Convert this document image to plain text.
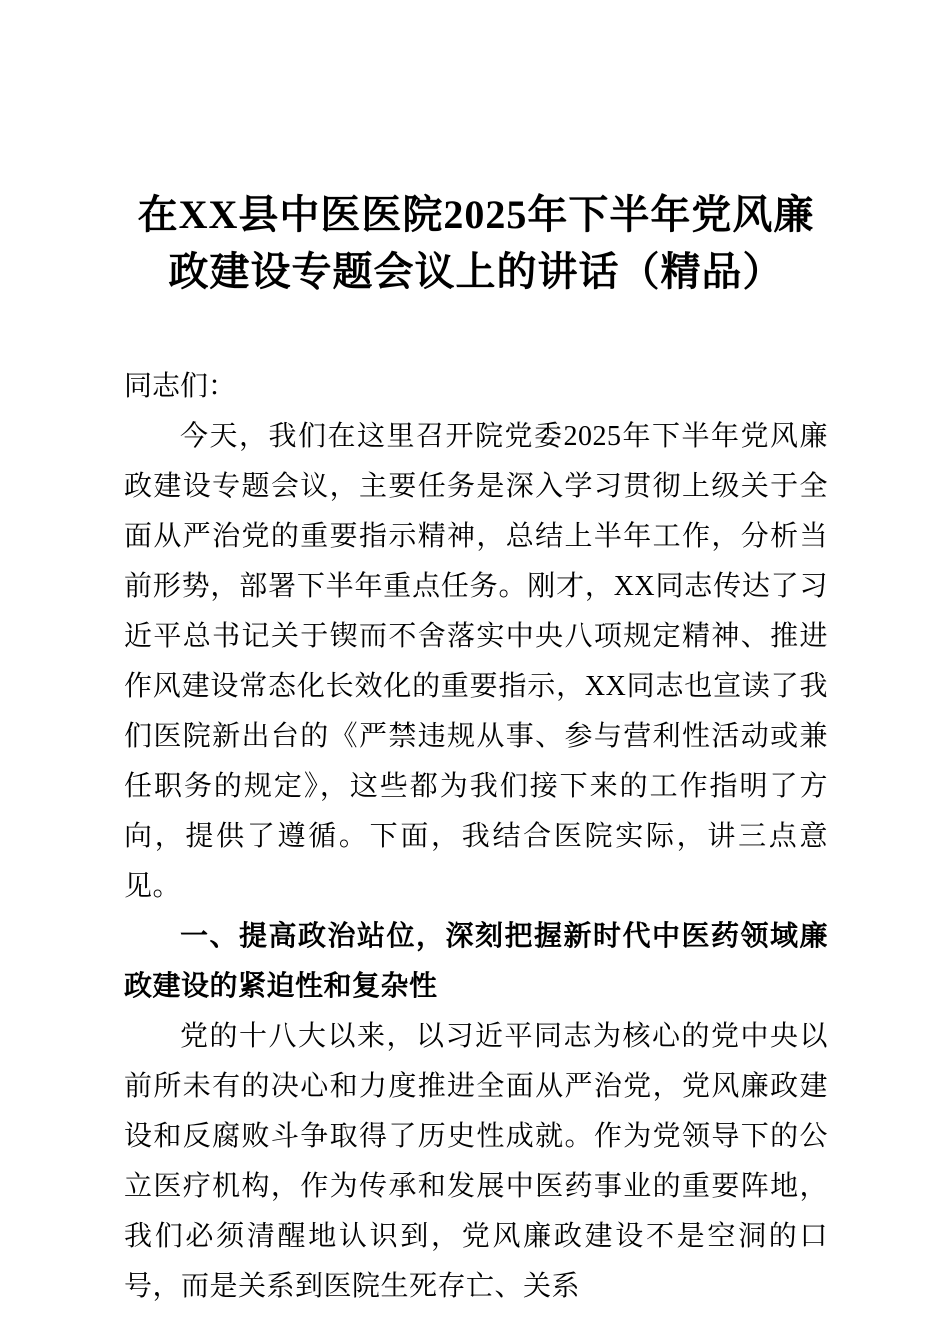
在XX县中医医院2025年下半年党风廉政建设专题会议上的讲话（精品）

同志们：

今天，我们在这里召开院党委2025年下半年党风廉政建设专题会议，主要任务是深入学习贯彻上级关于全面从严治党的重要指示精神，总结上半年工作，分析当前形势，部署下半年重点任务。刚才，XX同志传达了习近平总书记关于锲而不舍落实中央八项规定精神、推进作风建设常态化长效化的重要指示，XX同志也宣读了我们医院新出台的《严禁违规从事、参与营利性活动或兼任职务的规定》，这些都为我们接下来的工作指明了方向，提供了遵循。下面，我结合医院实际，讲三点意见。

一、提高政治站位，深刻把握新时代中医药领域廉政建设的紧迫性和复杂性

党的十八大以来，以习近平同志为核心的党中央以前所未有的决心和力度推进全面从严治党，党风廉政建设和反腐败斗争取得了历史性成就。作为党领导下的公立医疗机构，作为传承和发展中医药事业的重要阵地，我们必须清醒地认识到，党风廉政建设不是空洞的口号，而是关系到医院生死存亡、关系
